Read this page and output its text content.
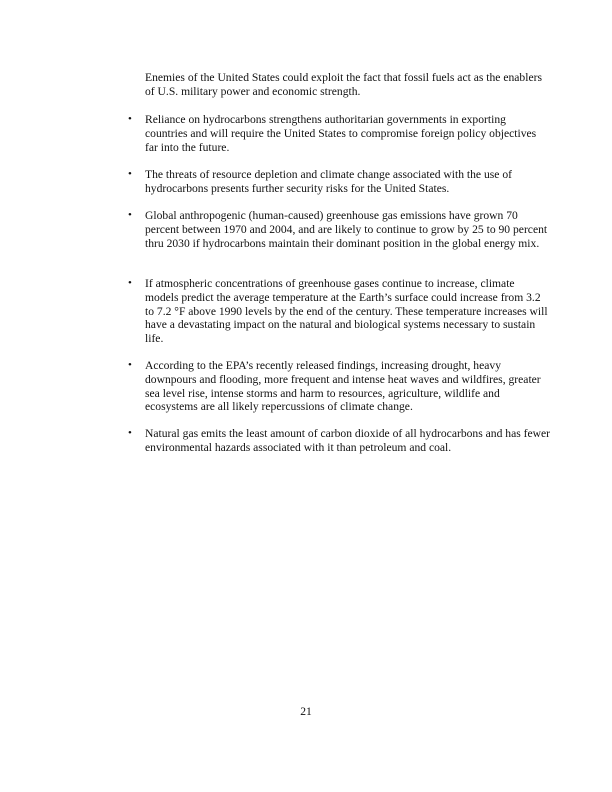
Enemies of the United States could exploit the fact that fossil fuels act as the enablers of U.S. military power and economic strength.

•	Reliance on hydrocarbons strengthens authoritarian governments in exporting countries and will require the United States to compromise foreign policy objectives far into the future.

•	The threats of resource depletion and climate change associated with the use of hydrocarbons presents further security risks for the United States.

•	Global anthropogenic (human-caused) greenhouse gas emissions have grown 70 percent between 1970 and 2004, and are likely to continue to grow by 25 to 90 percent thru 2030 if hydrocarbons maintain their dominant position in the global energy mix.

•	If atmospheric concentrations of greenhouse gases continue to increase, climate models predict the average temperature at the Earth’s surface could increase from 3.2 to 7.2 °F above 1990 levels by the end of the century. These temperature increases will have a devastating impact on the natural and biological systems necessary to sustain life.

•	According to the EPA’s recently released findings, increasing drought, heavy downpours and flooding, more frequent and intense heat waves and wildfires, greater sea level rise, intense storms and harm to resources, agriculture, wildlife and ecosystems are all likely repercussions of climate change.

•	Natural gas emits the least amount of carbon dioxide of all hydrocarbons and has fewer environmental hazards associated with it than petroleum and coal.

21
